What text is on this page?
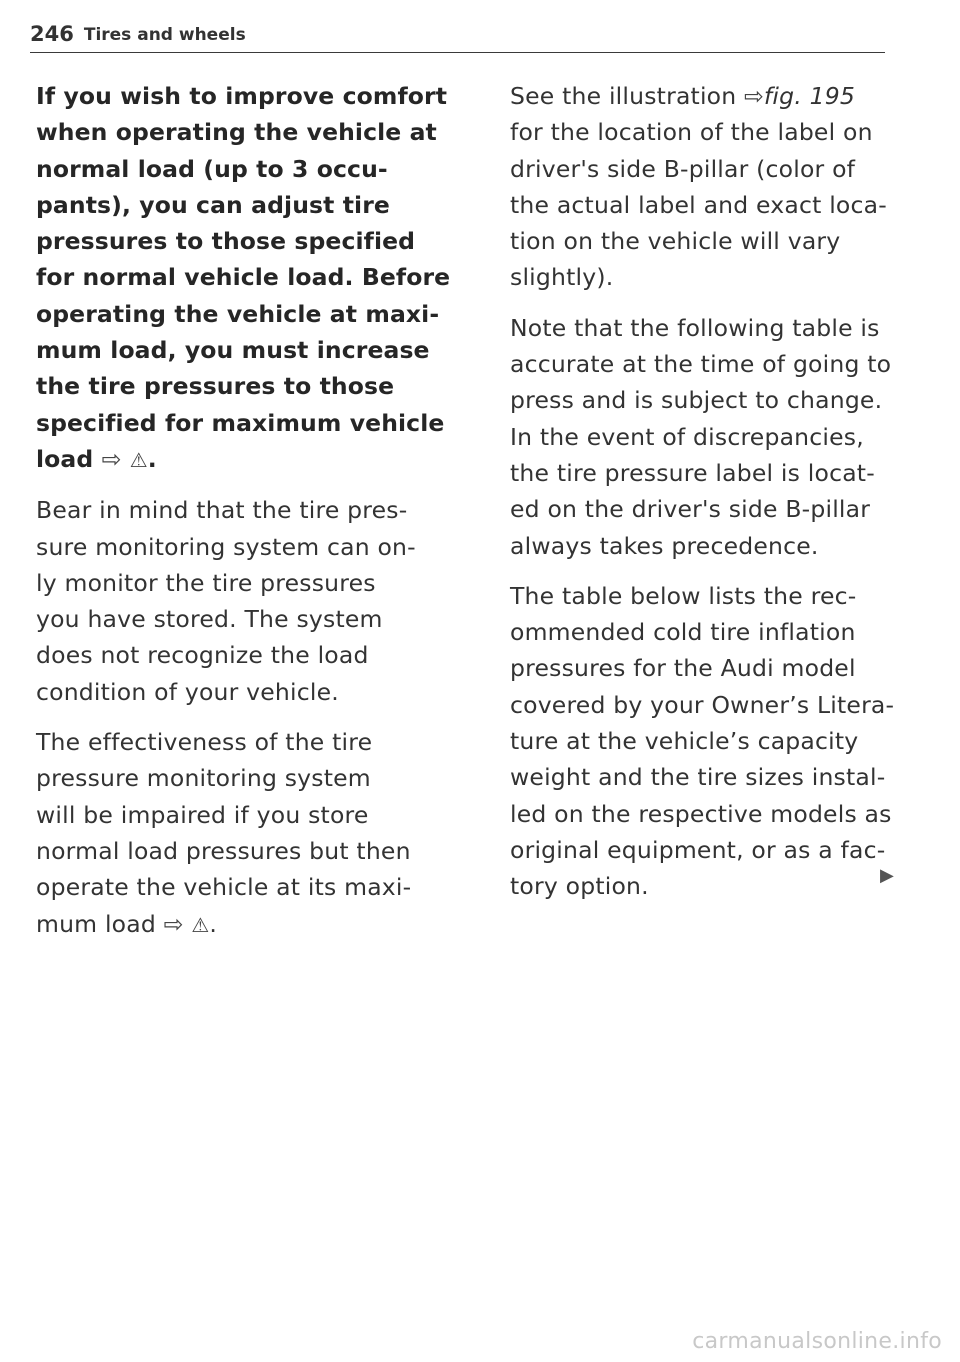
246 Tires and wheels

If you wish to improve comfort
when operating the vehicle at
normal load (up to 3 occu-
pants), you can adjust tire
pressures to those specified
for normal vehicle load. Before
operating the vehicle at maxi-
mum load, you must increase
the tire pressures to those
specified for maximum vehicle
load ⇨ ⚠.

Bear in mind that the tire pres-
sure monitoring system can on-
ly monitor the tire pressures
you have stored. The system
does not recognize the load
condition of your vehicle.

The effectiveness of the tire
pressure monitoring system
will be impaired if you store
normal load pressures but then
operate the vehicle at its maxi-
mum load ⇨ ⚠.

See the illustration ⇨fig. 195
for the location of the label on
driver's side B-pillar (color of
the actual label and exact loca-
tion on the vehicle will vary
slightly).

Note that the following table is
accurate at the time of going to
press and is subject to change.
In the event of discrepancies,
the tire pressure label is locat-
ed on the driver's side B-pillar
always takes precedence.

The table below lists the rec-
ommended cold tire inflation
pressures for the Audi model
covered by your Owner’s Litera-
ture at the vehicle’s capacity
weight and the tire sizes instal-
led on the respective models as
original equipment, or as a fac-
tory option.	▶
carmanualsonline.info
